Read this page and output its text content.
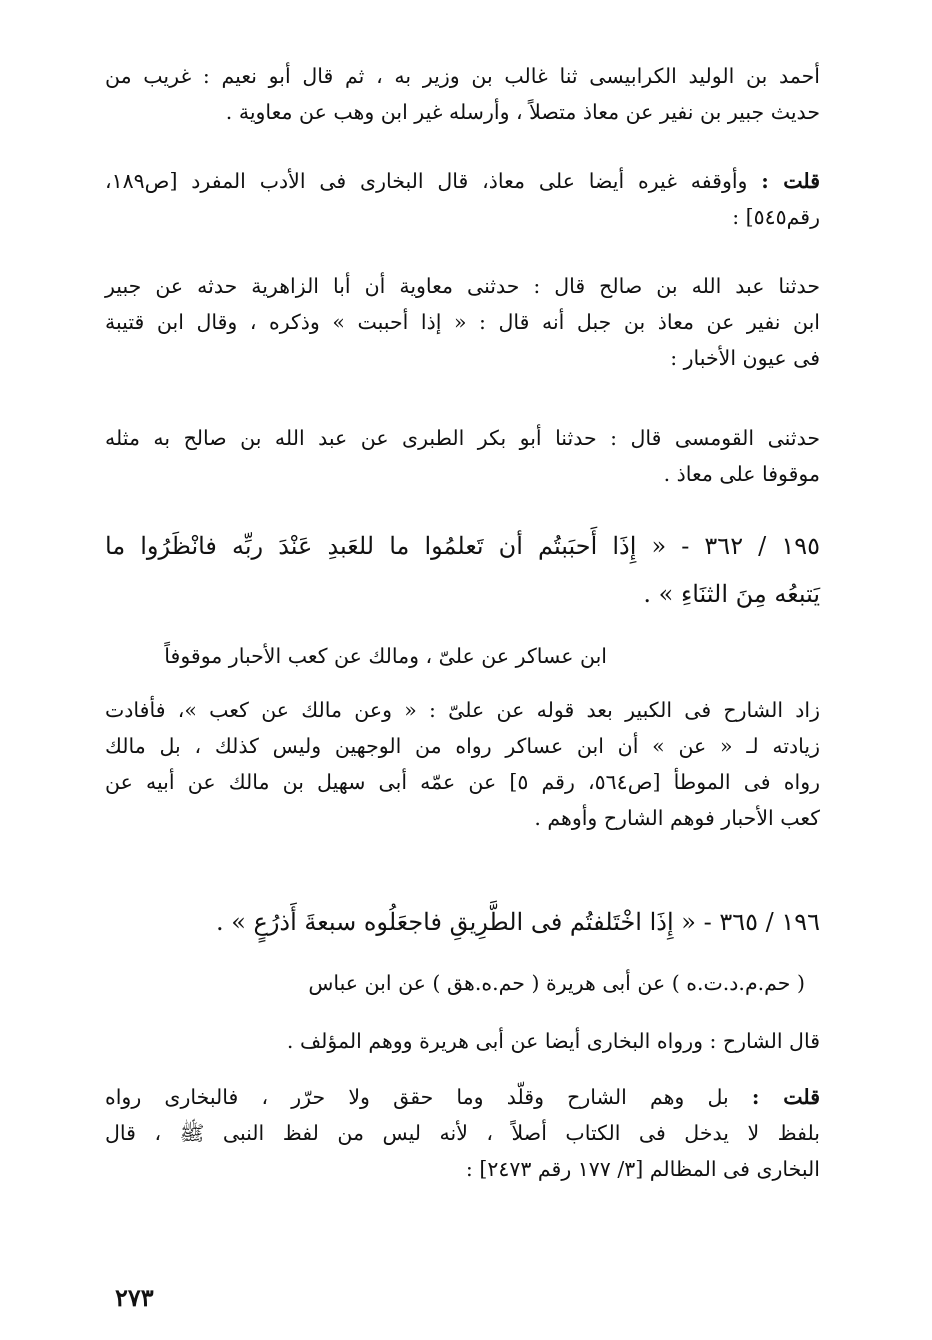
أحمد بن الوليد الكرابيسى ثنا غالب بن وزير به ، ثم قال أبو نعيم : غريب من
حديث جبير بن نفير عن معاذ متصلاً ، وأرسله غير ابن وهب عن معاوية .
قلت : وأوقفه غيره أيضا على معاذ، قال البخارى فى الأدب المفرد [ص١٨٩،
رقم٥٤٥] :
حدثنا عبد الله بن صالح قال : حدثنى معاوية أن أبا الزاهرية حدثه عن جبير
ابن نفير عن معاذ بن جبل أنه قال : « إذا أحببت » وذكره ، وقال ابن قتيبة
فى عيون الأخبار :
حدثنى القومسى قال : حدثنا أبو بكر الطبرى عن عبد الله بن صالح به مثله
موقوفا على معاذ .
١٩٥ / ٣٦٢ - « إِذَا أَحبَبتُم أن تَعلمُوا ما للعَبدِ عَنْدَ ربِّه فانْظَرُوا ما
يَتبعُه مِنَ الثنَاءِ » .
ابن عساكر عن علىّ ، ومالك عن كعب الأحبار موقوفاً
زاد الشارح فى الكبير بعد قوله عن علىّ : « وعن مالك عن كعب »، فأفادت
زيادته لـ « عن » أن ابن عساكر رواه من الوجهين وليس كذلك ، بل مالك
رواه فى الموطأ [ص٥٦٤، رقم ٥] عن عمّه أبى سهيل بن مالك عن أبيه عن
كعب الأحبار فوهم الشارح وأوهم .
١٩٦ / ٣٦٥ - « إِذَا اخْتَلفتُم فى الطَّرِيقِ فاجعَلُوه سبعةَ أَذرُعٍ » .
( حم.م.د.ت.ه ) عن أبى هريرة ( حم.ه.هق ) عن ابن عباس
قال الشارح : ورواه البخارى أيضا عن أبى هريرة ووهم المؤلف .
قلت : بل وهم الشارح وقلّد وما حقق ولا حرّر ، فالبخارى رواه
بلفظ لا يدخل فى الكتاب أصلاً ، لأنه ليس من لفظ النبى ﷺ ، قال
البخارى فى المظالم [٣/ ١٧٧ رقم ٢٤٧٣] :
٢٧٣
